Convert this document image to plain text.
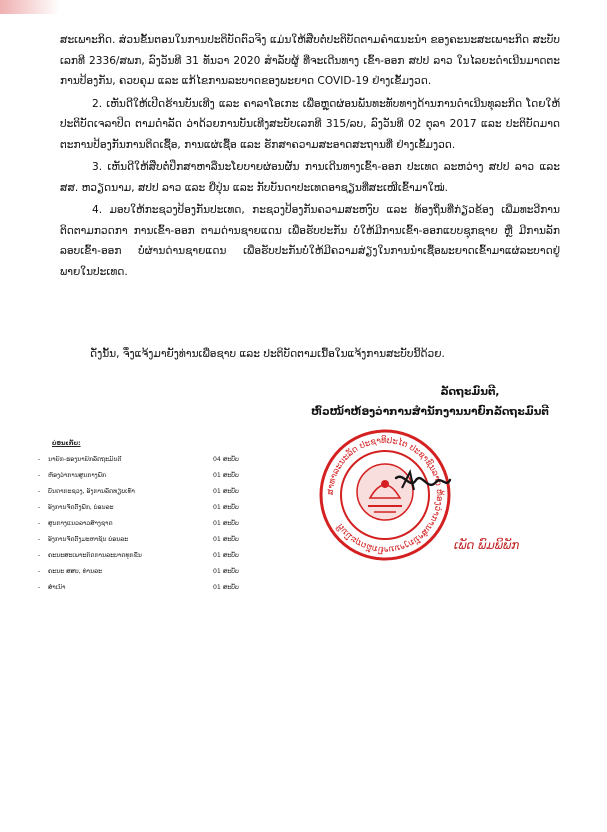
ສະເພາະກິດ. ສ່ວນຂັ້ນຕອນໃນການປະຕິບັດຕົວຈິງ ແມ່ນໃຫ້ສືບຕໍ່ປະຕິບັດຕາມຄຳແນະນຳ ຂອງຄະນະສະເພາະກິດ ສະບັບເລກທີ 2336/ສພກ, ລົງວັນທີ 31 ທັນວາ 2020 ສຳລັບຜູ້ ທີ່ຈະເດີນທາງ ເຂົ້າ-ອອກ ສປປ ລາວ ໃນໄລຍະດຳເນີນມາດຕະການປ້ອງກັນ, ຄວບຄຸມ ແລະ ແກ້ໄຂການລະບາດຂອງພະຍາດ COVID-19 ຢ່າງເຂັ້ມງວດ.

2. ເຫັນດີໃຫ້ເປີດຮ້ານບັນເທີງ ແລະ ຄາລາໂອເກະ ເພື່ອຫຼຸດຜ່ອນພັນທະທັບທາງດ້ານການດຳເນີນທຸລະກິດ ໂດຍໃຫ້ປະຕິບັດເຈລາປິດ ຕາມດຳລັດ ວ່າດ້ວຍການບັນເທີງສະບັບເລກທີ 315/ລບ, ລົງວັນທີ 02 ຕຸລາ 2017 ແລະ ປະຕິບັດມາດຕະການປ້ອງກັນການຕິດເຊື້ອ, ການແຜ່ເຊື້ອ ແລະ ຮັກສາຄວາມສະອາດສະຖານທີ່ ຢ່າງເຂັ້ມງວດ.

3. ເຫັນດີໃຫ້ສືບຕໍ່ປຶກສາຫາລືນະໂຍບາຍຜ່ອນຜັນ ການເດີນທາງເຂົ້າ-ອອກ ປະເທດ ລະຫວ່າງ ສປປ ລາວ ແລະ ສສ. ຫວຽດນາມ, ສປປ ລາວ ແລະ ຍີ່ປຸ່ນ ແລະ ກັບບັນດາປະເທດອາຊຽນທີ່ສະເໜີເຂົ້າມາໃໝ່.

4. ມອບໃຫ້ກະຊວງປ້ອງກັນປະເທດ, ກະຊວງປ້ອງກັນຄວາມສະຫງົບ ແລະ ທ້ອງຖິ່ນທີ່ກ່ຽວຂ້ອງ ເພີ່ມທະວີການຕິດຕາມກວດກາ ການເຂົ້າ-ອອກ ຕາມດ່ານຊາຍແດນ ເພື່ອຮັບປະກັນ ບໍ່ໃຫ້ມີການເຂົ້າ-ອອກແບບຊຸກຊາຍ ຫຼື ມີການລັກລອບເຂົ້າ-ອອກ ບໍ່ຜ່ານດ່ານຊາຍແດນ ເພື່ອຮັບປະກັນບໍ່ໃຫ້ມີຄວາມສ່ຽງໃນການນຳເຊື້ອພະຍາດເຂົ້າມາແຜ່ລະບາດຢູ່ພາຍໃນປະເທດ.

ດັ່ງນັ້ນ, ຈຶ່ງແຈ້ງມາຍັງທ່ານເພື່ອຊາບ ແລະ ປະຕິບັດຕາມເນື້ອໃນແຈ້ງການສະບັບນີ້ດ້ວຍ.
ລັດຖະມົນຕີ,
ຫົວໜ້າຫ້ອງວ່າການສຳນັກງານນາຍົກລັດຖະມົນຕີ
ບ່ອນເກັບ:
-	ນາຍົກ-ຮອງນາຍົກລັດຖະມົນຕີ	04 ສະບັບ
-	ຫ້ອງວ່າການສູນກາງພັກ	01 ສະບັບ
-	ບັນດາກະຊວງ, ອົງການລັດທຽບເທົ່າ	01 ສະບັບ
-	ອົງການຈັດຕັ້ງພັກ, ບ່ອນລະ	01 ສະບັບ
-	ສູນກາງແນວລາວສ້າງຊາດ	01 ສະບັບ
-	ອົງການຈັດຕັ້ງມະຫາຊົນ ບ່ອນລະ	01 ສະບັບ
-	ຄະນະສະເພາະກິດການລະບາດທຸກຂັ້ນ	01 ສະບັບ
-	ຄະນະ ສສບ, ທ່ານລະ	01 ສະບັບ
-	ສຳເນົາ	01 ສະບັບ
ສາທາລະນະລັດ ປະຊາທິປະໄຕ ປະຊາຊົນລາວ ຫ້ອງວ່າການສຳນັກງານນາຍົກລັດຖະມົນຕີ
ເພັດ ພົມພິພັກ
